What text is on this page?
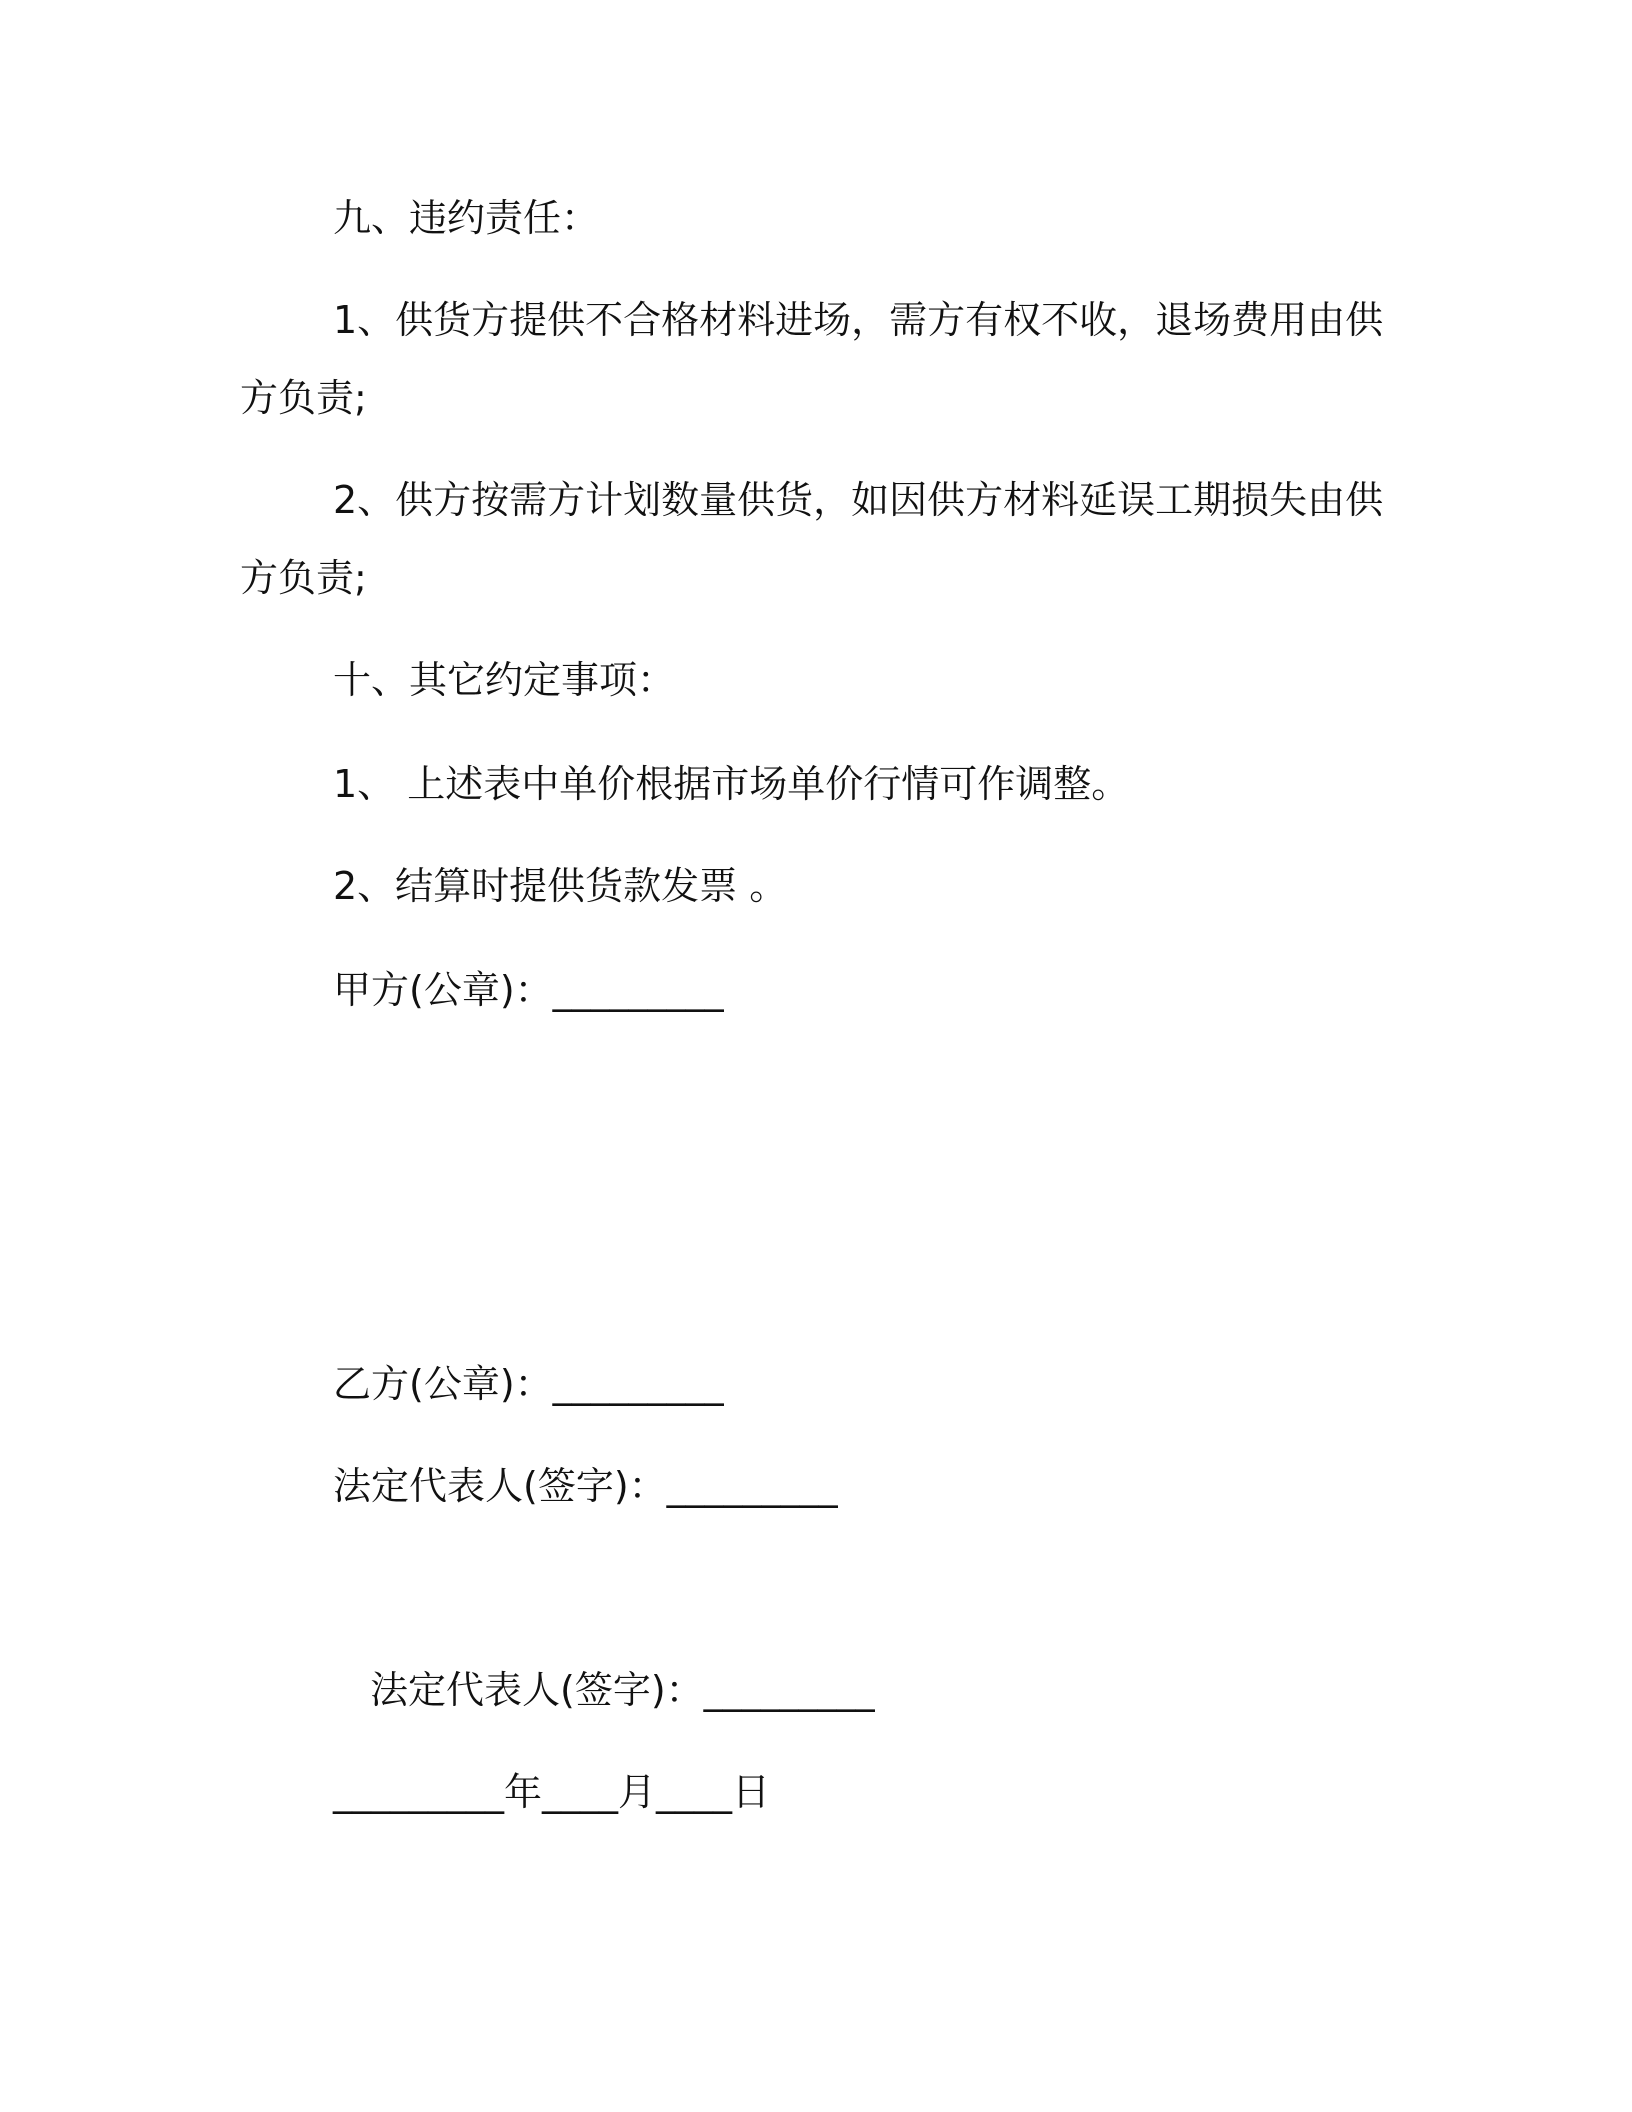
九、违约责任：
1、供货方提供不合格材料进场，需方有权不收，退场费用由供
方负责;
2、供方按需方计划数量供货，如因供方材料延误工期损失由供
方负责;
十、其它约定事项：
1、 上述表中单价根据市场单价行情可作调整。
2、结算时提供货款发票 。
甲方(公章)：_________
乙方(公章)：_________
法定代表人(签字)：_________
法定代表人(签字)：_________
_________年____月____日
